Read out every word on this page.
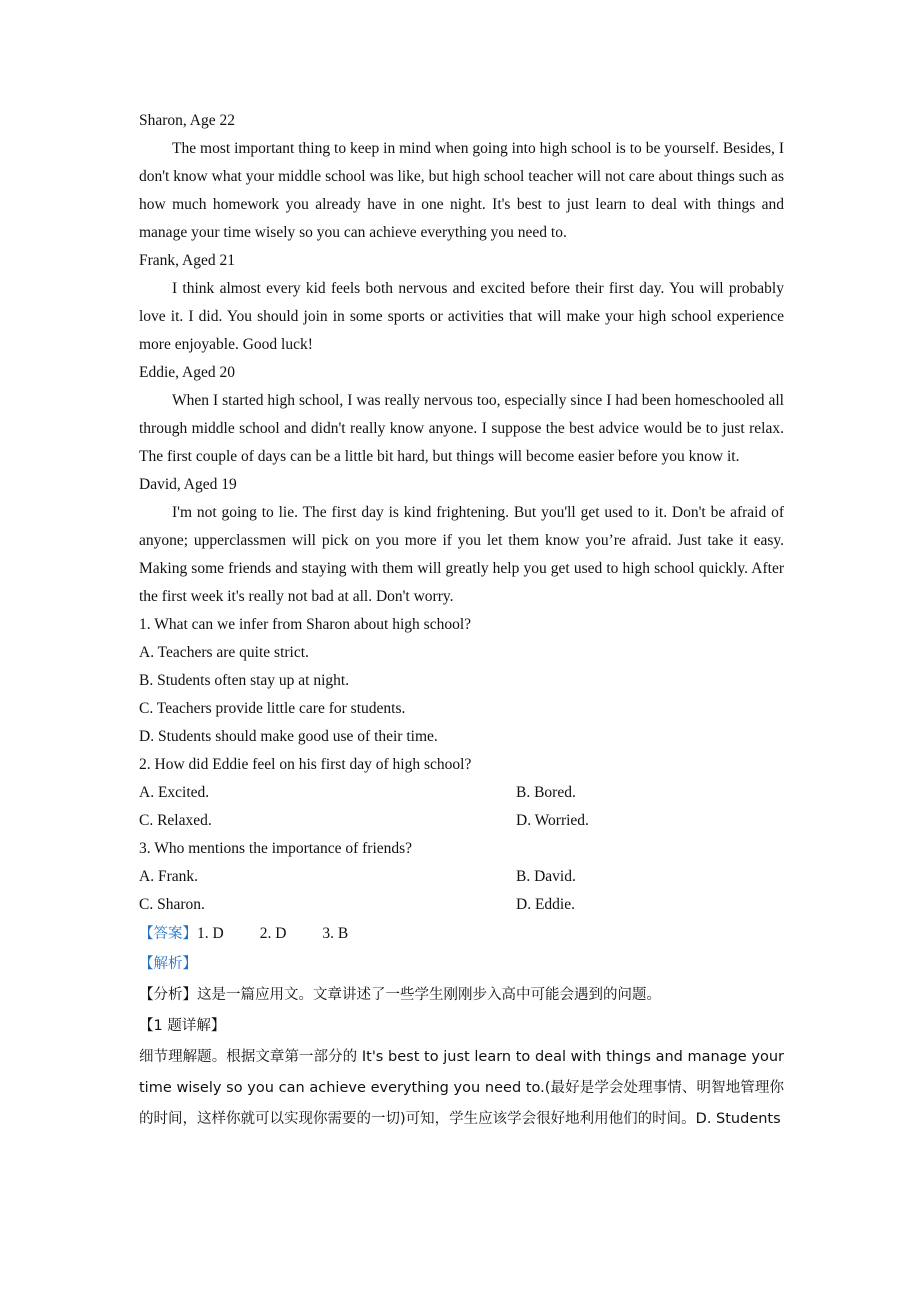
Sharon, Age 22

The most important thing to keep in mind when going into high school is to be yourself. Besides, I don't know what your middle school was like, but high school teacher will not care about things such as how much homework you already have in one night. It's best to just learn to deal with things and manage your time wisely so you can achieve everything you need to.

Frank, Aged 21

I think almost every kid feels both nervous and excited before their first day. You will probably love it. I did. You should join in some sports or activities that will make your high school experience more enjoyable. Good luck!

Eddie, Aged 20

When I started high school, I was really nervous too, especially since I had been homeschooled all through middle school and didn't really know anyone. I suppose the best advice would be to just relax. The first couple of days can be a little bit hard, but things will become easier before you know it.

David, Aged 19

I'm not going to lie. The first day is kind frightening. But you'll get used to it. Don't be afraid of anyone; upperclassmen will pick on you more if you let them know you’re afraid. Just take it easy. Making some friends and staying with them will greatly help you get used to high school quickly. After the first week it's really not bad at all. Don't worry.

1. What can we infer from Sharon about high school?
A. Teachers are quite strict.
B. Students often stay up at night.
C. Teachers provide little care for students.
D. Students should make good use of their time.
2. How did Eddie feel on his first day of high school?
A. Excited.	B. Bored.
C. Relaxed.	D. Worried.
3. Who mentions the importance of friends?
A. Frank.	B. David.
C. Sharon.	D. Eddie.
【答案】1. D 2. D 3. B

【解析】

【分析】这是一篇应用文。文章讲述了一些学生刚刚步入高中可能会遇到的问题。

【1 题详解】

细节理解题。根据文章第一部分的 It's best to just learn to deal with things and manage your time wisely so you can achieve everything you need to.(最好是学会处理事情、明智地管理你的时间，这样你就可以实现你需要的一切)可知，学生应该学会很好地利用他们的时间。D. Students
